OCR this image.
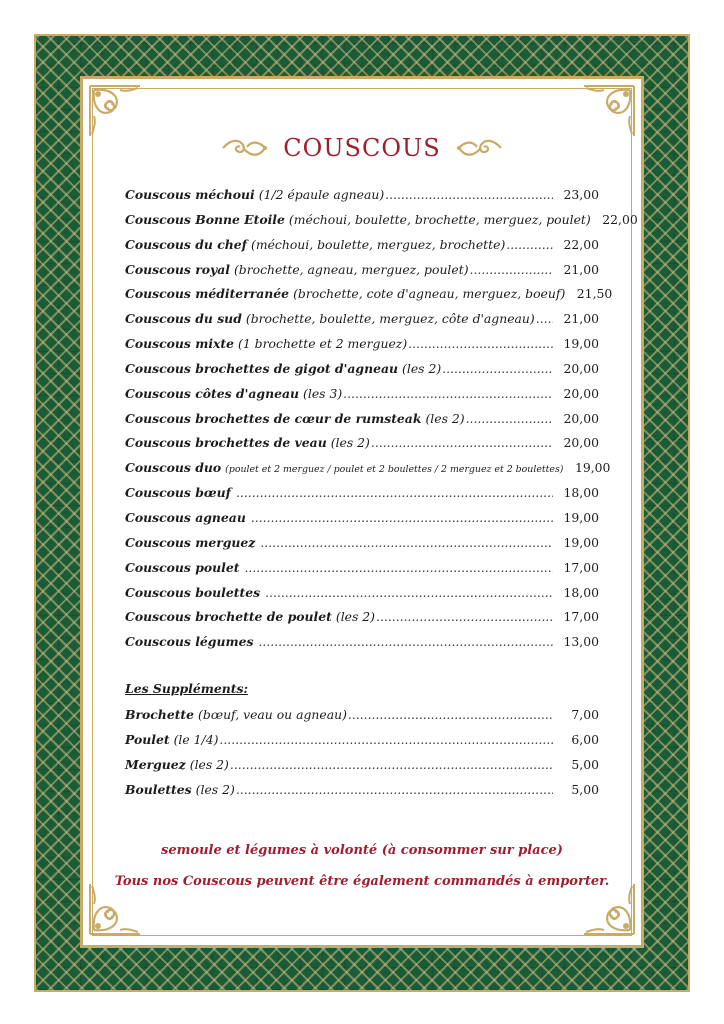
COUSCOUS
Couscous méchoui (1/2 épaule agneau) .....	23,00
Couscous Bonne Etoile (méchoui, boulette, brochette, merguez, poulet) 22,00
Couscous du chef (méchoui, boulette, merguez, brochette) .....	22,00
Couscous royal (brochette, agneau, merguez, poulet) .....	21,00
Couscous méditerranée (brochette, cote d'agneau, merguez, boeuf) 21,50
Couscous du sud (brochette, boulette, merguez, côte d'agneau) .....	21,00
Couscous mixte (1 brochette et 2 merguez) .....	19,00
Couscous brochettes de gigot d'agneau (les 2) .....	20,00
Couscous côtes d'agneau (les 3) .....	20,00
Couscous brochettes de cœur de rumsteak (les 2) .....	20,00
Couscous brochettes de veau (les 2) .....	20,00
Couscous duo (poulet et 2 merguez / poulet et 2 boulettes / 2 merguez et 2 boulettes) 19,00
Couscous bœuf .....	18,00
Couscous agneau .....	19,00
Couscous merguez .....	19,00
Couscous poulet .....	17,00
Couscous boulettes .....	18,00
Couscous brochette de poulet (les 2) .....	17,00
Couscous légumes .....	13,00
Les Suppléments:
Brochette (bœuf, veau ou agneau) .....	7,00
Poulet (le 1/4) .....	6,00
Merguez (les 2) .....	5,00
Boulettes (les 2) .....	5,00
semoule et légumes à volonté (à consommer sur place)
Tous nos Couscous peuvent être également commandés à emporter.
